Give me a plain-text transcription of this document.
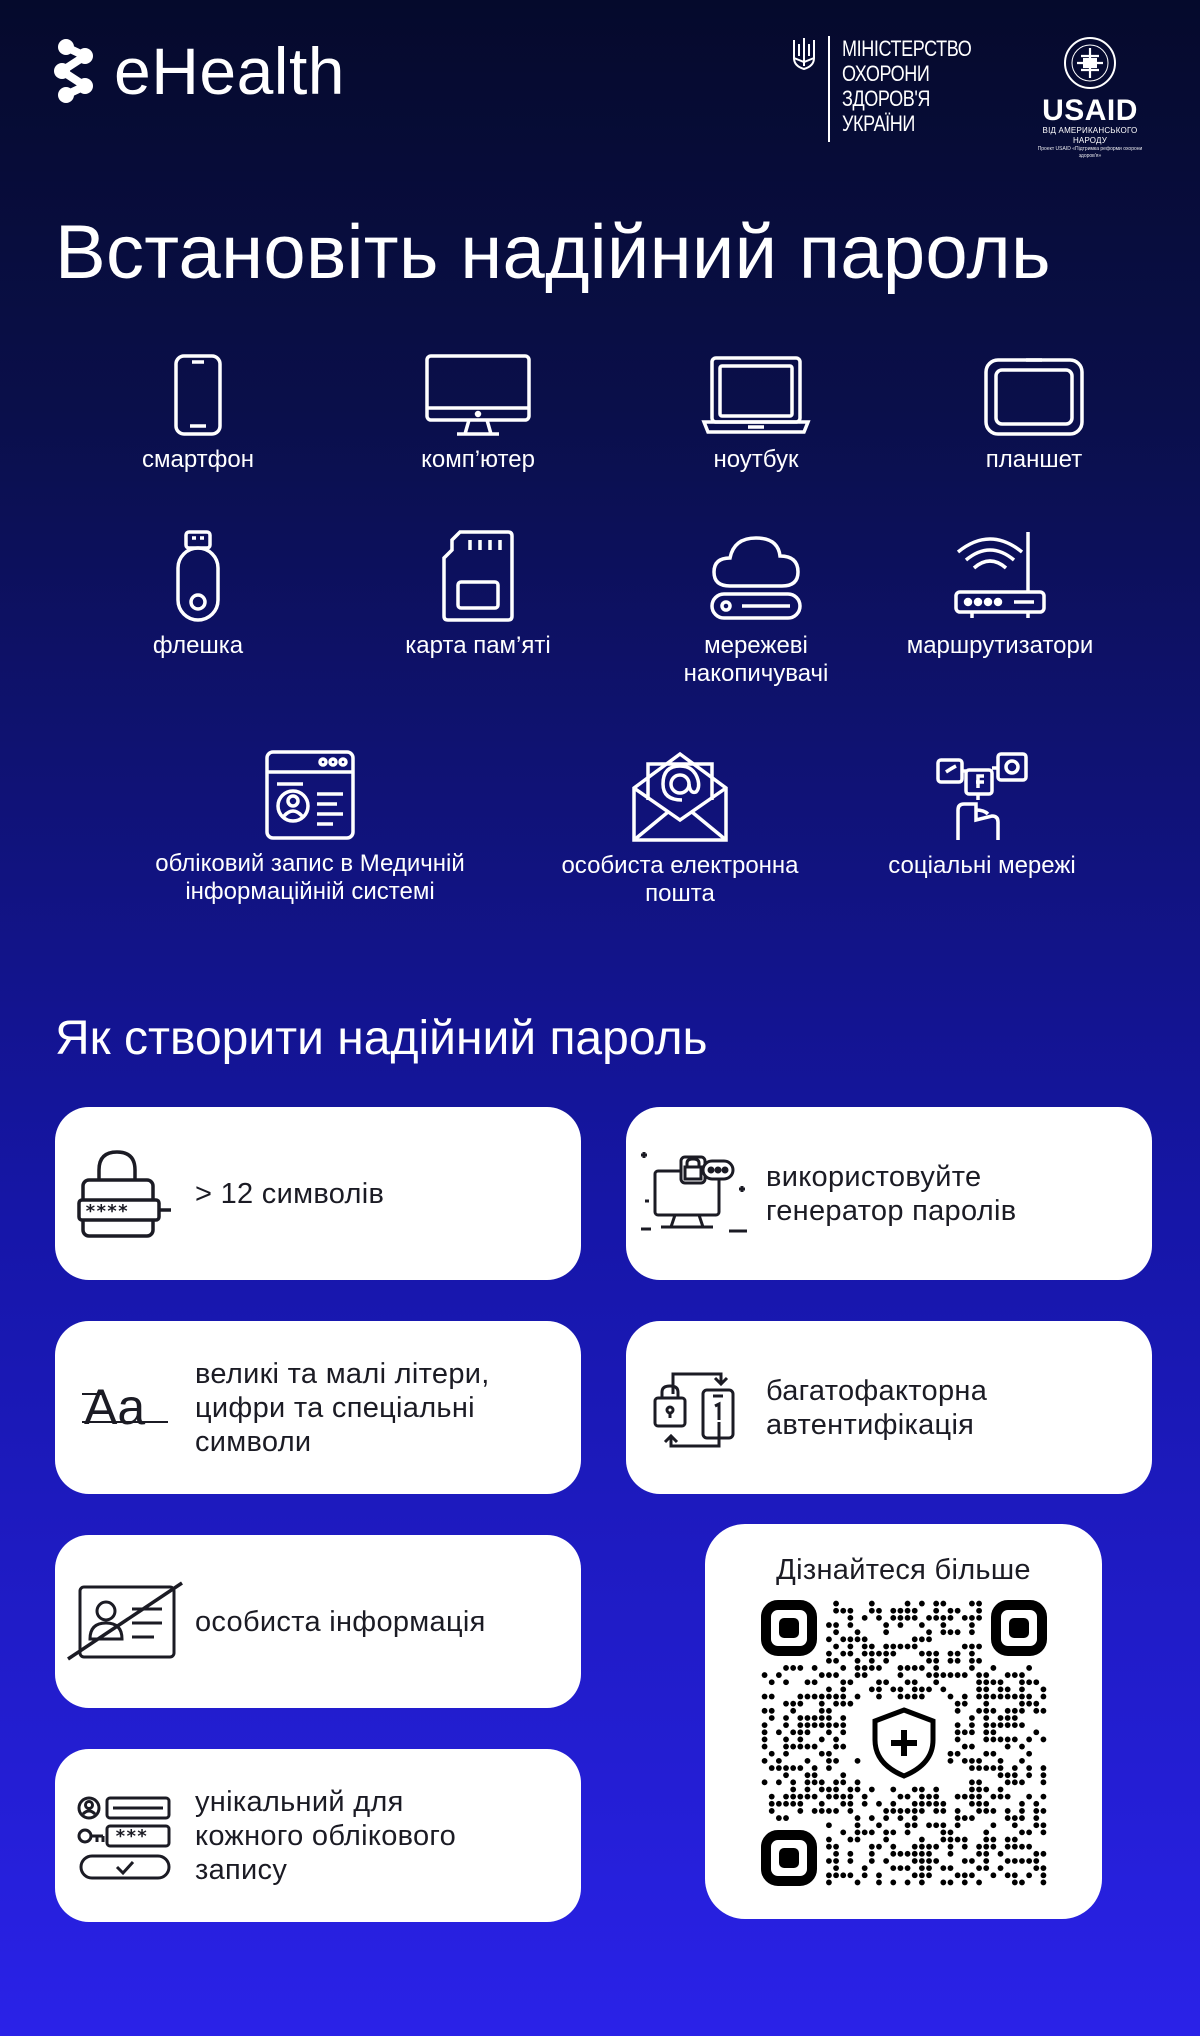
eHealth	МІНІСТЕРСТВО
ОХОРОНИ
ЗДОРОВ'Я
УКРАЇНИ	USAID
ВІД АМЕРИКАНСЬКОГО НАРОДУ
Проект USAID «Підтримка реформи охорони здоров'я»
Встановіть надійний пароль
смартфон	комп’ютер	ноутбук	планшет
флешка	карта пам’яті	мережеві накопичувачі
маршрутизатори
обліковий запис в Медичній інформаційній системі
особиста електронна пошта
соціальні мережі
Як створити надійний пароль
****_
> 12 символів
використовуйте генератор паролів
Aa
великі та малі літери, цифри та спеціальні символи
багатофакторна автентифікація
особиста інформація
***
унікальний для кожного облікового запису
Дізнайтеся більше
